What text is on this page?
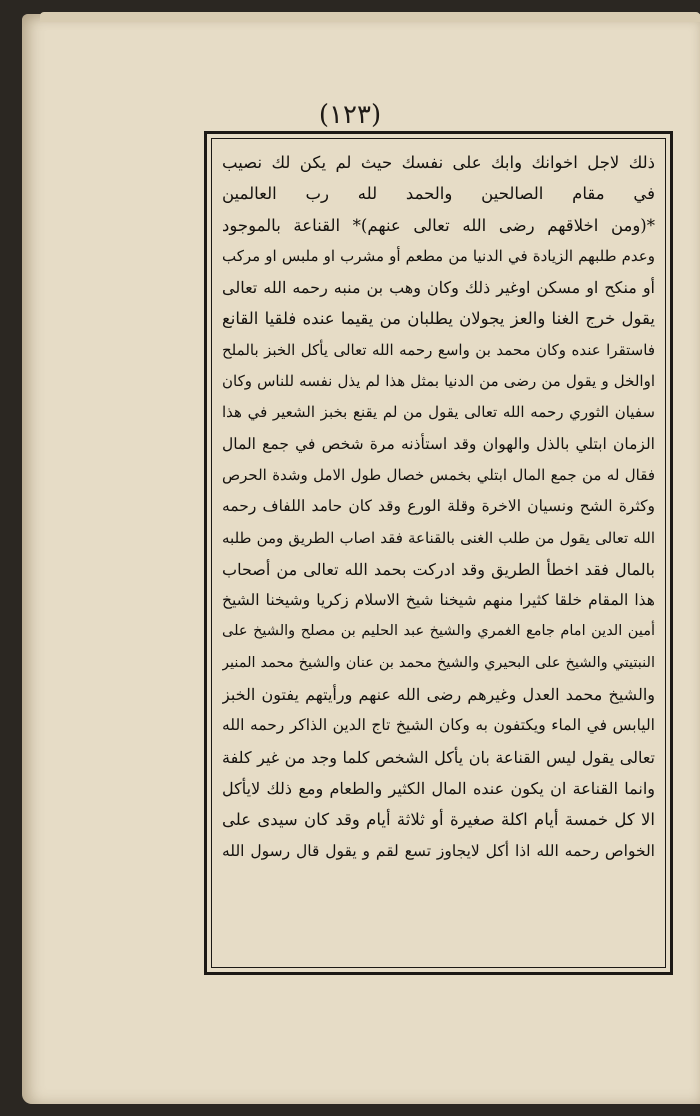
(١٢٣)
ذلك لاجل اخوانك وابك على نفسك حيث لم يكن لك نصيب
في مقام الصالحين والحمد لله رب العالمين
*(ومن اخلاقهم رضى الله تعالى عنهم)* القناعة بالموجود
وعدم طلبهم الزيادة في الدنيا من مطعم أو مشرب او ملبس او مركب
أو منكح او مسكن اوغير ذلك وكان وهب بن منبه رحمه الله تعالى
يقول خرج الغنا والعز يجولان يطلبان من يقيما عنده فلقيا القانع
فاستقرا عنده وكان محمد بن واسع رحمه الله تعالى يأكل الخبز بالملح
اوالخل و يقول من رضى من الدنيا بمثل هذا لم يذل نفسه للناس وكان
سفيان الثوري رحمه الله تعالى يقول من لم يقنع بخبز الشعير في هذا
الزمان ابتلي بالذل والهوان وقد استأذنه مرة شخص في جمع المال
فقال له من جمع المال ابتلي بخمس خصال طول الامل وشدة الحرص
وكثرة الشح ونسيان الاخرة وقلة الورع وقد كان حامد اللفاف رحمه
الله تعالى يقول من طلب الغنى بالقناعة فقد اصاب الطريق ومن طلبه
بالمال فقد اخطأ الطريق وقد ادركت بحمد الله تعالى من أصحاب
هذا المقام خلقا كثيرا منهم شيخنا شيخ الاسلام زكريا وشيخنا الشيخ
أمين الدين امام جامع الغمري والشيخ عبد الحليم بن مصلح والشيخ على
النبتيتي والشيخ على البحيري والشيخ محمد بن عنان والشيخ محمد المنير
والشيخ محمد العدل وغيرهم رضى الله عنهم ورأيتهم يفتون الخبز
اليابس في الماء ويكتفون به وكان الشيخ تاج الدين الذاكر رحمه الله
تعالى يقول ليس القناعة بان يأكل الشخص كلما وجد من غير كلفة
وانما القناعة ان يكون عنده المال الكثير والطعام ومع ذلك لايأكل
الا كل خمسة أيام اكلة صغيرة أو ثلاثة أيام وقد كان سيدى على
الخواص رحمه الله اذا أكل لايجاوز تسع لقم و يقول قال رسول الله
